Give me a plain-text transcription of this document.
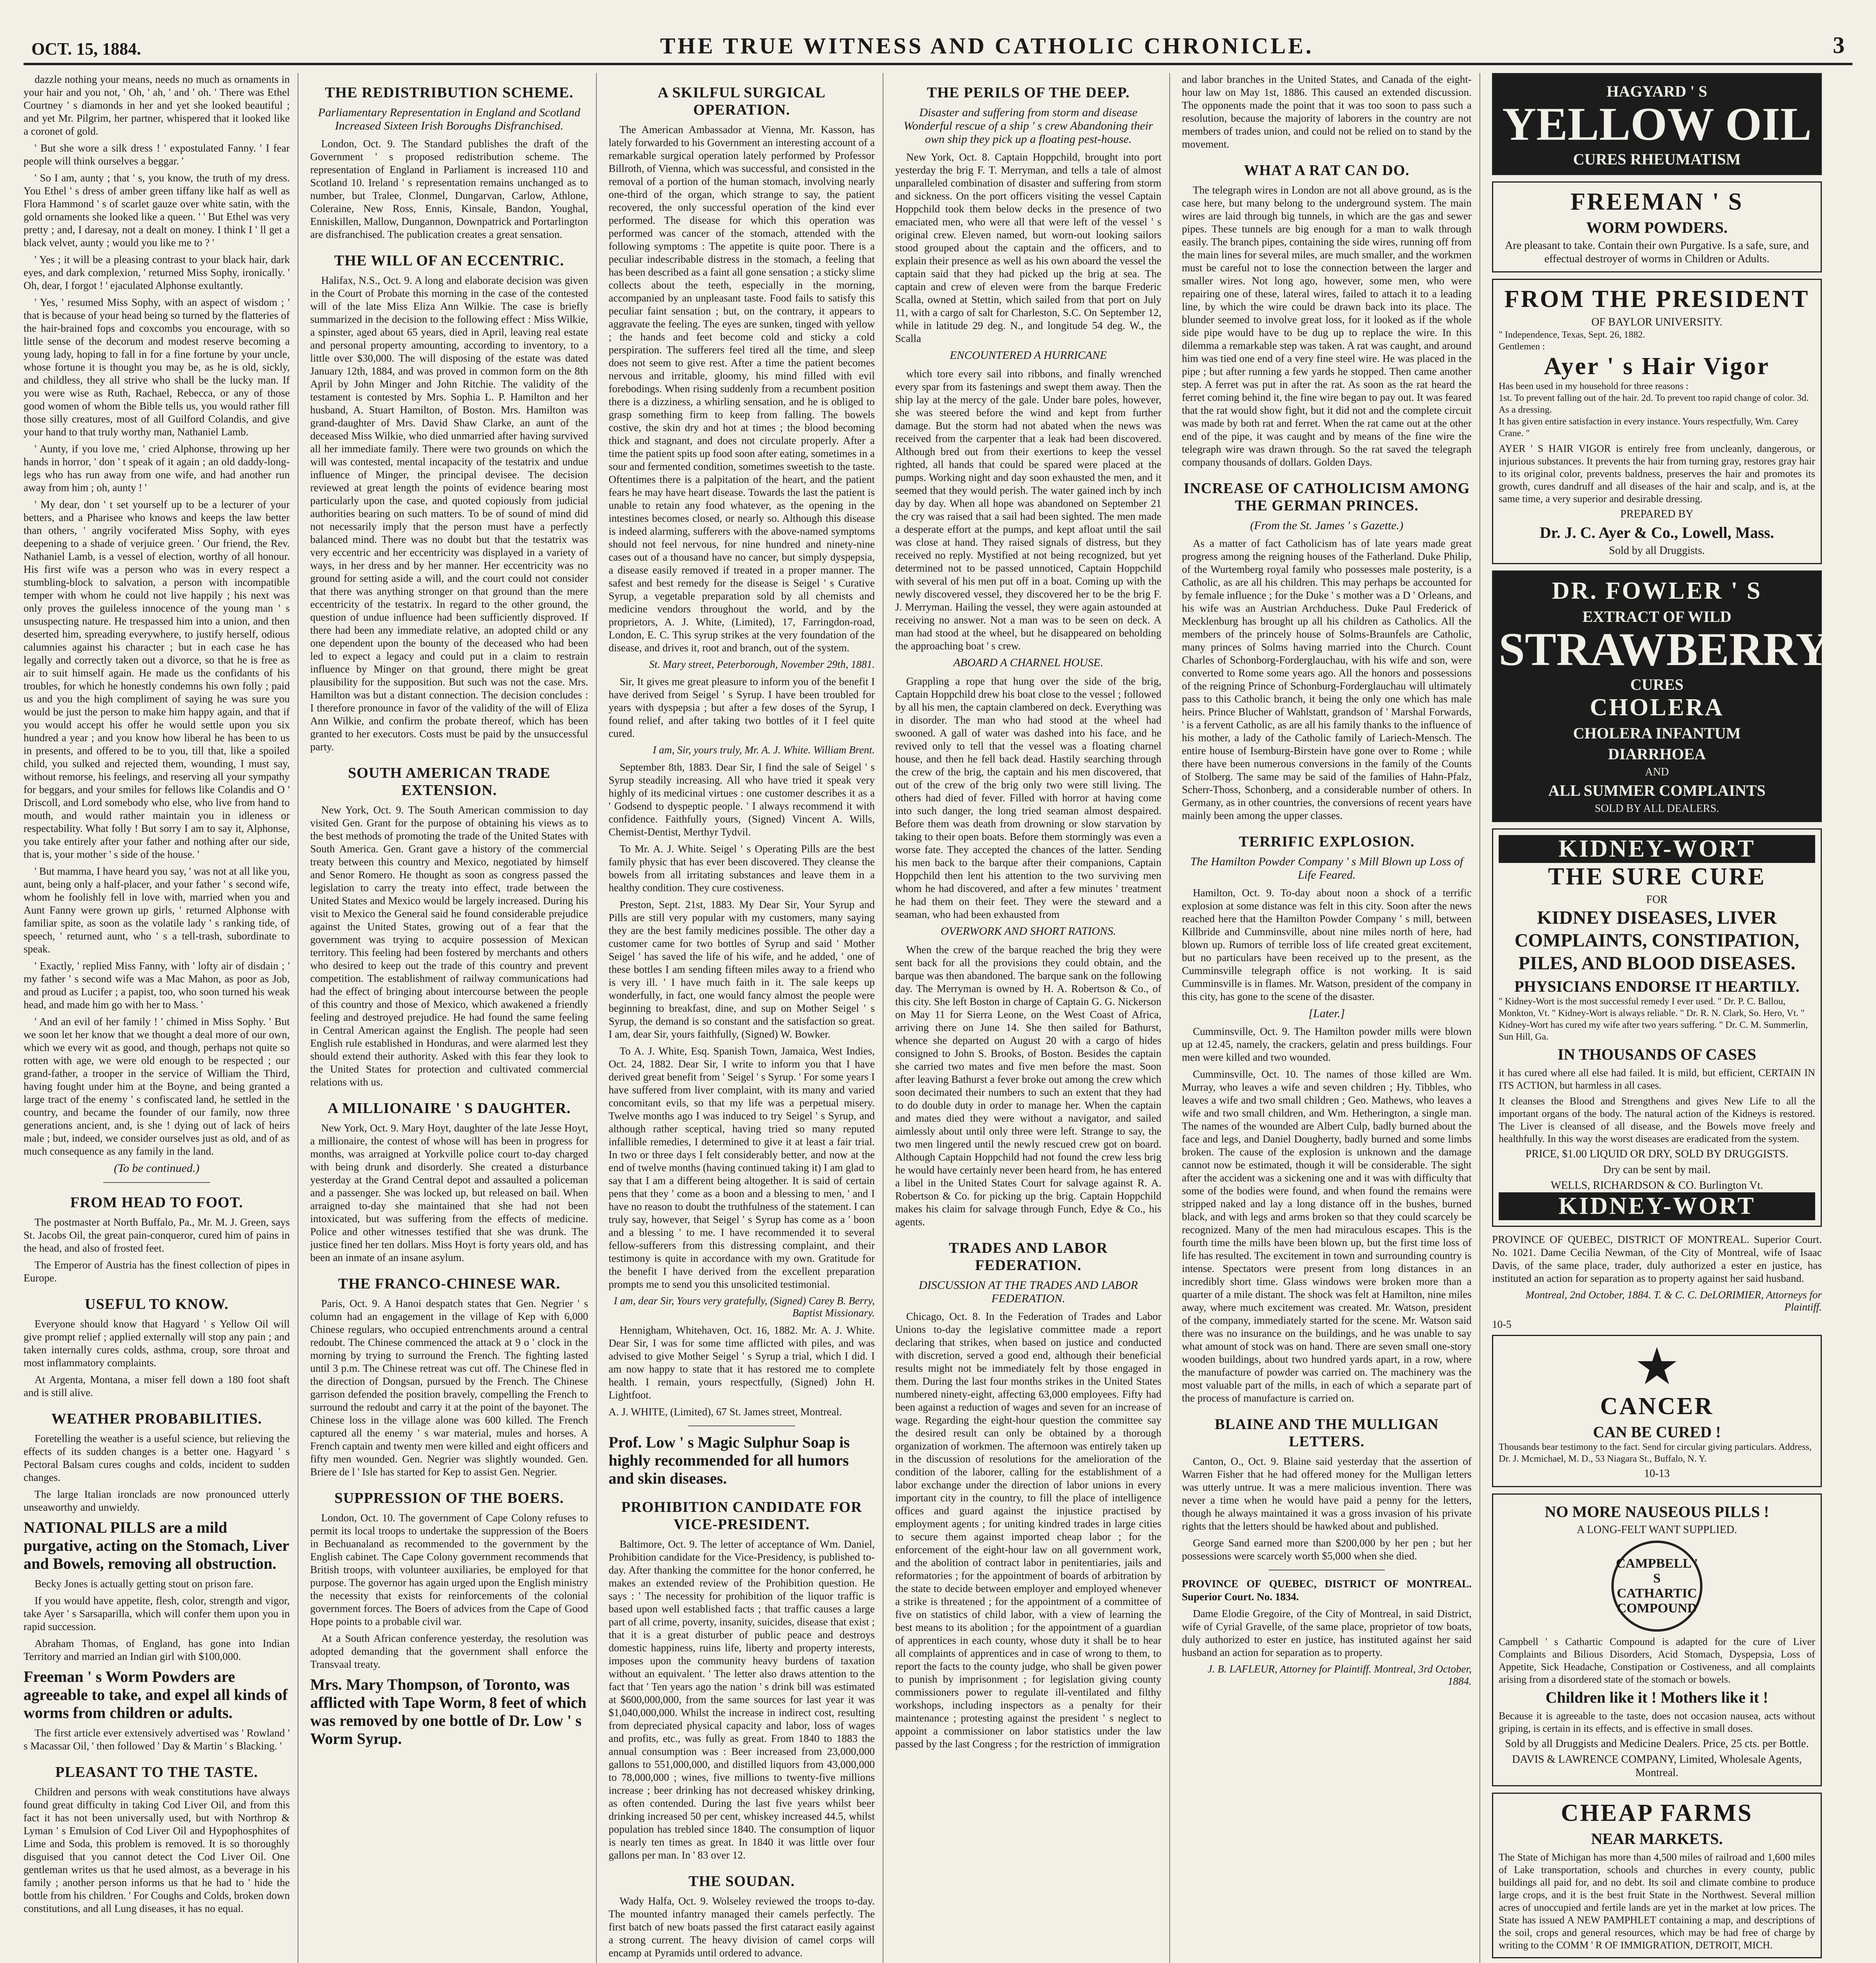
OCT. 15, 1884.	THE TRUE WITNESS AND CATHOLIC CHRONICLE.	3

dazzle nothing your means, needs no much as ornaments in your hair and you not, ' Oh, ' ah, ' and ' oh. ' There was Ethel Courtney ' s diamonds in her and yet she looked beautiful ; and yet Mr. Pilgrim, her partner, whispered that it looked like a coronet of gold.

' But she wore a silk dress ! ' expostulated Fanny. ' I fear people will think ourselves a beggar. '

' So I am, aunty ; that ' s, you know, the truth of my dress. You Ethel ' s dress of amber green tiffany like half as well as Flora Hammond ' s of scarlet gauze over white satin, with the gold ornaments she looked like a queen. ' ' But Ethel was very pretty ; and, I daresay, not a dealt on money. I think I ' ll get a black velvet, aunty ; would you like me to ? '

' Yes ; it will be a pleasing contrast to your black hair, dark eyes, and dark complexion, ' returned Miss Sophy, ironically. ' Oh, dear, I forgot ! ' ejaculated Alphonse exultantly.

' Yes, ' resumed Miss Sophy, with an aspect of wisdom ; ' that is because of your head being so turned by the flatteries of the hair-brained fops and coxcombs you encourage, with so little sense of the decorum and modest reserve becoming a young lady, hoping to fall in for a fine fortune by your uncle, whose fortune it is thought you may be, as he is old, sickly, and childless, they all strive who shall be the lucky man. If you were wise as Ruth, Rachael, Rebecca, or any of those good women of whom the Bible tells us, you would rather fill those silly creatures, most of all Guilford Colandis, and give your hand to that truly worthy man, Nathaniel Lamb.

' Aunty, if you love me, ' cried Alphonse, throwing up her hands in horror, ' don ' t speak of it again ; an old daddy-long-legs who has run away from one wife, and had another run away from him ; oh, aunty ! '

' My dear, don ' t set yourself up to be a lecturer of your betters, and a Pharisee who knows and keeps the law better than others, ' angrily vociferated Miss Sophy, with eyes deepening to a shade of verjuice green. ' Our friend, the Rev. Nathaniel Lamb, is a vessel of election, worthy of all honour. His first wife was a person who was in every respect a stumbling-block to salvation, a person with incompatible temper with whom he could not live happily ; his next was only proves the guileless innocence of the young man ' s unsuspecting nature. He trespassed him into a union, and then deserted him, spreading everywhere, to justify herself, odious calumnies against his character ; but in each case he has legally and correctly taken out a divorce, so that he is free as air to suit himself again. He made us the confidants of his troubles, for which he honestly condemns his own folly ; paid us and you the high compliment of saying he was sure you would be just the person to make him happy again, and that if you would accept his offer he would settle upon you six hundred a year ; and you know how liberal he has been to us in presents, and offered to be to you, till that, like a spoiled child, you sulked and rejected them, wounding, I must say, without remorse, his feelings, and reserving all your sympathy for beggars, and your smiles for fellows like Colandis and O ' Driscoll, and Lord somebody who else, who live from hand to mouth, and would rather maintain you in idleness or respectability. What folly ! But sorry I am to say it, Alphonse, you take entirely after your father and nothing after our side, that is, your mother ' s side of the house. '

' But mamma, I have heard you say, ' was not at all like you, aunt, being only a half-placer, and your father ' s second wife, whom he foolishly fell in love with, married when you and Aunt Fanny were grown up girls, ' returned Alphonse with familiar spite, as soon as the volatile lady ' s ranking tide, of speech, ' returned aunt, who ' s a tell-trash, subordinate to speak.

' Exactly, ' replied Miss Fanny, with ' lofty air of disdain ; ' my father ' s second wife was a Mac Mahon, as poor as Job, and proud as Lucifer ; a papist, too, who soon turned his weak head, and made him go with her to Mass. '

' And an evil of her family ! ' chimed in Miss Sophy. ' But we soon let her know that we thought a deal more of our own, which we every wit as good, and though, perhaps not quite so rotten with age, we were old enough to be respected ; our grand-father, a trooper in the service of William the Third, having fought under him at the Boyne, and being granted a large tract of the enemy ' s confiscated land, he settled in the country, and became the founder of our family, now three generations ancient, and, is she ! dying out of lack of heirs male ; but, indeed, we consider ourselves just as old, and of as much consequence as any family in the land.

(To be continued.)
FROM HEAD TO FOOT.

The postmaster at North Buffalo, Pa., Mr. M. J. Green, says St. Jacobs Oil, the great pain-conqueror, cured him of pains in the head, and also of frosted feet.

The Emperor of Austria has the finest collection of pipes in Europe.

USEFUL TO KNOW.

Everyone should know that Hagyard ' s Yellow Oil will give prompt relief ; applied externally will stop any pain ; and taken internally cures colds, asthma, croup, sore throat and most inflammatory complaints.

At Argenta, Montana, a miser fell down a 180 foot shaft and is still alive.

WEATHER PROBABILITIES.

Foretelling the weather is a useful science, but relieving the effects of its sudden changes is a better one. Hagyard ' s Pectoral Balsam cures coughs and colds, incident to sudden changes.

The large Italian ironclads are now pronounced utterly unseaworthy and unwieldy.

NATIONAL PILLS are a mild purgative, acting on the Stomach, Liver and Bowels, removing all obstruction.

Becky Jones is actually getting stout on prison fare.

If you would have appetite, flesh, color, strength and vigor, take Ayer ' s Sarsaparilla, which will confer them upon you in rapid succession.

Abraham Thomas, of England, has gone into Indian Territory and married an Indian girl with $100,000.

Freeman ' s Worm Powders are agreeable to take, and expel all kinds of worms from children or adults.

The first article ever extensively advertised was ' Rowland ' s Macassar Oil, ' then followed ' Day & Martin ' s Blacking. '

PLEASANT TO THE TASTE.

Children and persons with weak constitutions have always found great difficulty in taking Cod Liver Oil, and from this fact it has not been universally used, but with Northrop & Lyman ' s Emulsion of Cod Liver Oil and Hypophosphites of Lime and Soda, this problem is removed. It is so thoroughly disguised that you cannot detect the Cod Liver Oil. One gentleman writes us that he used almost, as a beverage in his family ; another person informs us that he had to ' hide the bottle from his children. ' For Coughs and Colds, broken down constitutions, and all Lung diseases, it has no equal.

THE REDISTRIBUTION SCHEME.
Parliamentary Representation in England and Scotland Increased Sixteen Irish Boroughs Disfranchised.

London, Oct. 9. The Standard publishes the draft of the Government ' s proposed redistribution scheme. The representation of England in Parliament is increased 110 and Scotland 10. Ireland ' s representation remains unchanged as to number, but Tralee, Clonmel, Dungarvan, Carlow, Athlone, Coleraine, New Ross, Ennis, Kinsale, Bandon, Youghal, Enniskillen, Mallow, Dungannon, Downpatrick and Portarlington are disfranchised. The publication creates a great sensation.

THE WILL OF AN ECCENTRIC.

Halifax, N.S., Oct. 9. A long and elaborate decision was given in the Court of Probate this morning in the case of the contested will of the late Miss Eliza Ann Wilkie. The case is briefly summarized in the decision to the following effect : Miss Wilkie, a spinster, aged about 65 years, died in April, leaving real estate and personal property amounting, according to inventory, to a little over $30,000. The will disposing of the estate was dated January 12th, 1884, and was proved in common form on the 8th April by John Minger and John Ritchie. The validity of the testament is contested by Mrs. Sophia L. P. Hamilton and her husband, A. Stuart Hamilton, of Boston. Mrs. Hamilton was grand-daughter of Mrs. David Shaw Clarke, an aunt of the deceased Miss Wilkie, who died unmarried after having survived all her immediate family. There were two grounds on which the will was contested, mental incapacity of the testatrix and undue influence of Minger, the principal devisee. The decision reviewed at great length the points of evidence bearing most particularly upon the case, and quoted copiously from judicial authorities bearing on such matters. To be of sound of mind did not necessarily imply that the person must have a perfectly balanced mind. There was no doubt but that the testatrix was very eccentric and her eccentricity was displayed in a variety of ways, in her dress and by her manner. Her eccentricity was no ground for setting aside a will, and the court could not consider that there was anything stronger on that ground than the mere eccentricity of the testatrix. In regard to the other ground, the question of undue influence had been sufficiently disproved. If there had been any immediate relative, an adopted child or any one dependent upon the bounty of the deceased who had been led to expect a legacy and could put in a claim to restrain influence by Minger on that ground, there might be great plausibility for the supposition. But such was not the case. Mrs. Hamilton was but a distant connection. The decision concludes : I therefore pronounce in favor of the validity of the will of Eliza Ann Wilkie, and confirm the probate thereof, which has been granted to her executors. Costs must be paid by the unsuccessful party.

SOUTH AMERICAN TRADE EXTENSION.

New York, Oct. 9. The South American commission to day visited Gen. Grant for the purpose of obtaining his views as to the best methods of promoting the trade of the United States with South America. Gen. Grant gave a history of the commercial treaty between this country and Mexico, negotiated by himself and Senor Romero. He thought as soon as congress passed the legislation to carry the treaty into effect, trade between the United States and Mexico would be largely increased. During his visit to Mexico the General said he found considerable prejudice against the United States, growing out of a fear that the government was trying to acquire possession of Mexican territory. This feeling had been fostered by merchants and others who desired to keep out the trade of this country and prevent competition. The establishment of railway communications had had the effect of bringing about intercourse between the people of this country and those of Mexico, which awakened a friendly feeling and destroyed prejudice. He had found the same feeling in Central American against the English. The people had seen English rule established in Honduras, and were alarmed lest they should extend their authority. Asked with this fear they look to the United States for protection and cultivated commercial relations with us.

A MILLIONAIRE ' S DAUGHTER.

New York, Oct. 9. Mary Hoyt, daughter of the late Jesse Hoyt, a millionaire, the contest of whose will has been in progress for months, was arraigned at Yorkville police court to-day charged with being drunk and disorderly. She created a disturbance yesterday at the Grand Central depot and assaulted a policeman and a passenger. She was locked up, but released on bail. When arraigned to-day she maintained that she had not been intoxicated, but was suffering from the effects of medicine. Police and other witnesses testified that she was drunk. The justice fined her ten dollars. Miss Hoyt is forty years old, and has been an inmate of an insane asylum.

THE FRANCO-CHINESE WAR.

Paris, Oct. 9. A Hanoi despatch states that Gen. Negrier ' s column had an engagement in the village of Kep with 6,000 Chinese regulars, who occupied entrenchments around a central redoubt. The Chinese commenced the attack at 9 o ' clock in the morning by trying to surround the French. The fighting lasted until 3 p.m. The Chinese retreat was cut off. The Chinese fled in the direction of Dongsan, pursued by the French. The Chinese garrison defended the position bravely, compelling the French to surround the redoubt and carry it at the point of the bayonet. The Chinese loss in the village alone was 600 killed. The French captured all the enemy ' s war material, mules and horses. A French captain and twenty men were killed and eight officers and fifty men wounded. Gen. Negrier was slightly wounded. Gen. Briere de l ' Isle has started for Kep to assist Gen. Negrier.

SUPPRESSION OF THE BOERS.

London, Oct. 10. The government of Cape Colony refuses to permit its local troops to undertake the suppression of the Boers in Bechuanaland as recommended to the government by the English cabinet. The Cape Colony government recommends that British troops, with volunteer auxiliaries, be employed for that purpose. The governor has again urged upon the English ministry the necessity that exists for reinforcements of the colonial government forces. The Boers of advices from the Cape of Good Hope points to a probable civil war.

At a South African conference yesterday, the resolution was adopted demanding that the government shall enforce the Transvaal treaty.

Mrs. Mary Thompson, of Toronto, was afflicted with Tape Worm, 8 feet of which was removed by one bottle of Dr. Low ' s Worm Syrup.
A SKILFUL SURGICAL OPERATION.

The American Ambassador at Vienna, Mr. Kasson, has lately forwarded to his Government an interesting account of a remarkable surgical operation lately performed by Professor Billroth, of Vienna, which was successful, and consisted in the removal of a portion of the human stomach, involving nearly one-third of the organ, which strange to say, the patient recovered, the only successful operation of the kind ever performed. The disease for which this operation was performed was cancer of the stomach, attended with the following symptoms : The appetite is quite poor. There is a peculiar indescribable distress in the stomach, a feeling that has been described as a faint all gone sensation ; a sticky slime collects about the teeth, especially in the morning, accompanied by an unpleasant taste. Food fails to satisfy this peculiar faint sensation ; but, on the contrary, it appears to aggravate the feeling. The eyes are sunken, tinged with yellow ; the hands and feet become cold and sticky a cold perspiration. The sufferers feel tired all the time, and sleep does not seem to give rest. After a time the patient becomes nervous and irritable, gloomy, his mind filled with evil forebodings. When rising suddenly from a recumbent position there is a dizziness, a whirling sensation, and he is obliged to grasp something firm to keep from falling. The bowels costive, the skin dry and hot at times ; the blood becoming thick and stagnant, and does not circulate properly. After a time the patient spits up food soon after eating, sometimes in a sour and fermented condition, sometimes sweetish to the taste. Oftentimes there is a palpitation of the heart, and the patient fears he may have heart disease. Towards the last the patient is unable to retain any food whatever, as the opening in the intestines becomes closed, or nearly so. Although this disease is indeed alarming, sufferers with the above-named symptoms should not feel nervous, for nine hundred and ninety-nine cases out of a thousand have no cancer, but simply dyspepsia, a disease easily removed if treated in a proper manner. The safest and best remedy for the disease is Seigel ' s Curative Syrup, a vegetable preparation sold by all chemists and medicine vendors throughout the world, and by the proprietors, A. J. White, (Limited), 17, Farringdon-road, London, E. C. This syrup strikes at the very foundation of the disease, and drives it, root and branch, out of the system.

St. Mary street, Peterborough, November 29th, 1881.

Sir, It gives me great pleasure to inform you of the benefit I have derived from Seigel ' s Syrup. I have been troubled for years with dyspepsia ; but after a few doses of the Syrup, I found relief, and after taking two bottles of it I feel quite cured.

I am, Sir, yours truly, Mr. A. J. White. William Brent.

September 8th, 1883. Dear Sir, I find the sale of Seigel ' s Syrup steadily increasing. All who have tried it speak very highly of its medicinal virtues : one customer describes it as a ' Godsend to dyspeptic people. ' I always recommend it with confidence. Faithfully yours, (Signed) Vincent A. Wills, Chemist-Dentist, Merthyr Tydvil.

To Mr. A. J. White. Seigel ' s Operating Pills are the best family physic that has ever been discovered. They cleanse the bowels from all irritating substances and leave them in a healthy condition. They cure costiveness.

Preston, Sept. 21st, 1883. My Dear Sir, Your Syrup and Pills are still very popular with my customers, many saying they are the best family medicines possible. The other day a customer came for two bottles of Syrup and said ' Mother Seigel ' has saved the life of his wife, and he added, ' one of these bottles I am sending fifteen miles away to a friend who is very ill. ' I have much faith in it. The sale keeps up wonderfully, in fact, one would fancy almost the people were beginning to breakfast, dine, and sup on Mother Seigel ' s Syrup, the demand is so constant and the satisfaction so great. I am, dear Sir, yours faithfully, (Signed) W. Bowker.

To A. J. White, Esq. Spanish Town, Jamaica, West Indies, Oct. 24, 1882. Dear Sir, I write to inform you that I have derived great benefit from ' Seigel ' s Syrup. ' For some years I have suffered from liver complaint, with its many and varied concomitant evils, so that my life was a perpetual misery. Twelve months ago I was induced to try Seigel ' s Syrup, and although rather sceptical, having tried so many reputed infallible remedies, I determined to give it at least a fair trial. In two or three days I felt considerably better, and now at the end of twelve months (having continued taking it) I am glad to say that I am a different being altogether. It is said of certain pens that they ' come as a boon and a blessing to men, ' and I have no reason to doubt the truthfulness of the statement. I can truly say, however, that Seigel ' s Syrup has come as a ' boon and a blessing ' to me. I have recommended it to several fellow-sufferers from this distressing complaint, and their testimony is quite in accordance with my own. Gratitude for the benefit I have derived from the excellent preparation prompts me to send you this unsolicited testimonial.

I am, dear Sir, Yours very gratefully, (Signed) Carey B. Berry, Baptist Missionary.

Hennigham, Whitehaven, Oct. 16, 1882. Mr. A. J. White. Dear Sir, I was for some time afflicted with piles, and was advised to give Mother Seigel ' s Syrup a trial, which I did. I am now happy to state that it has restored me to complete health. I remain, yours respectfully, (Signed) John H. Lightfoot.

A. J. WHITE, (Limited), 67 St. James street, Montreal.

Prof. Low ' s Magic Sulphur Soap is highly recommended for all humors and skin diseases.
PROHIBITION CANDIDATE FOR VICE-PRESIDENT.

Baltimore, Oct. 9. The letter of acceptance of Wm. Daniel, Prohibition candidate for the Vice-Presidency, is published to-day. After thanking the committee for the honor conferred, he makes an extended review of the Prohibition question. He says : ' The necessity for prohibition of the liquor traffic is based upon well established facts ; that traffic causes a large part of all crime, poverty, insanity, suicides, disease that exist ; that it is a great disturber of public peace and destroys domestic happiness, ruins life, liberty and property interests, imposes upon the community heavy burdens of taxation without an equivalent. ' The letter also draws attention to the fact that ' Ten years ago the nation ' s drink bill was estimated at $600,000,000, from the same sources for last year it was $1,040,000,000. Whilst the increase in indirect cost, resulting from depreciated physical capacity and labor, loss of wages and profits, etc., was fully as great. From 1840 to 1883 the annual consumption was : Beer increased from 23,000,000 gallons to 551,000,000, and distilled liquors from 43,000,000 to 78,000,000 ; wines, five millions to twenty-five millions increase ; beer drinking has not decreased whiskey drinking, as often contended. During the last five years whilst beer drinking increased 50 per cent, whiskey increased 44.5, whilst population has trebled since 1840. The consumption of liquor is nearly ten times as great. In 1840 it was little over four gallons per man. In ' 83 over 12.

THE SOUDAN.

Wady Halfa, Oct. 9. Wolseley reviewed the troops to-day. The mounted infantry managed their camels perfectly. The first batch of new boats passed the first cataract easily against a strong current. The heavy division of camel corps will encamp at Pyramids until ordered to advance.

THE PERILS OF THE DEEP.
Disaster and suffering from storm and disease Wonderful rescue of a ship ' s crew Abandoning their own ship they pick up a floating pest-house.

New York, Oct. 8. Captain Hoppchild, brought into port yesterday the brig F. T. Merryman, and tells a tale of almost unparalleled combination of disaster and suffering from storm and sickness. On the port officers visiting the vessel Captain Hoppchild took them below decks in the presence of two emaciated men, who were all that were left of the vessel ' s original crew. Eleven named, but worn-out looking sailors stood grouped about the captain and the officers, and to explain their presence as well as his own aboard the vessel the captain said that they had picked up the brig at sea. The captain and crew of eleven were from the barque Frederic Scalla, owned at Stettin, which sailed from that port on July 11, with a cargo of salt for Charleston, S.C. On September 12, while in latitude 29 deg. N., and longitude 54 deg. W., the Scalla

ENCOUNTERED A HURRICANE

which tore every sail into ribbons, and finally wrenched every spar from its fastenings and swept them away. Then the ship lay at the mercy of the gale. Under bare poles, however, she was steered before the wind and kept from further damage. But the storm had not abated when the news was received from the carpenter that a leak had been discovered. Although bred out from their exertions to keep the vessel righted, all hands that could be spared were placed at the pumps. Working night and day soon exhausted the men, and it seemed that they would perish. The water gained inch by inch day by day. When all hope was abandoned on September 21 the cry was raised that a sail had been sighted. The men made a desperate effort at the pumps, and kept afloat until the sail was close at hand. They raised signals of distress, but they received no reply. Mystified at not being recognized, but yet determined not to be passed unnoticed, Captain Hoppchild with several of his men put off in a boat. Coming up with the newly discovered vessel, they discovered her to be the brig F. J. Merryman. Hailing the vessel, they were again astounded at receiving no answer. Not a man was to be seen on deck. A man had stood at the wheel, but he disappeared on beholding the approaching boat ' s crew.

ABOARD A CHARNEL HOUSE.

Grappling a rope that hung over the side of the brig, Captain Hoppchild drew his boat close to the vessel ; followed by all his men, the captain clambered on deck. Everything was in disorder. The man who had stood at the wheel had swooned. A gall of water was dashed into his face, and he revived only to tell that the vessel was a floating charnel house, and then he fell back dead. Hastily searching through the crew of the brig, the captain and his men discovered, that out of the crew of the brig only two were still living. The others had died of fever. Filled with horror at having come into such danger, the long tried seaman almost despaired. Before them was death from drowning or slow starvation by taking to their open boats. Before them stormingly was even a worse fate. They accepted the chances of the latter. Sending his men back to the barque after their companions, Captain Hoppchild then lent his attention to the two surviving men whom he had discovered, and after a few minutes ' treatment he had them on their feet. They were the steward and a seaman, who had been exhausted from

OVERWORK AND SHORT RATIONS.

When the crew of the barque reached the brig they were sent back for all the provisions they could obtain, and the barque was then abandoned. The barque sank on the following day. The Merryman is owned by H. A. Robertson & Co., of this city. She left Boston in charge of Captain G. G. Nickerson on May 11 for Sierra Leone, on the West Coast of Africa, arriving there on June 14. She then sailed for Bathurst, whence she departed on August 20 with a cargo of hides consigned to John S. Brooks, of Boston. Besides the captain she carried two mates and five men before the mast. Soon after leaving Bathurst a fever broke out among the crew which soon decimated their numbers to such an extent that they had to do double duty in order to manage her. When the captain and mates died they were without a navigator, and sailed aimlessly about until only three were left. Strange to say, the two men lingered until the newly rescued crew got on board. Although Captain Hoppchild had not found the crew less brig he would have certainly never been heard from, he has entered a libel in the United States Court for salvage against R. A. Robertson & Co. for picking up the brig. Captain Hoppchild makes his claim for salvage through Funch, Edye & Co., his agents.

TRADES AND LABOR FEDERATION.
DISCUSSION AT THE TRADES AND LABOR FEDERATION.

Chicago, Oct. 8. In the Federation of Trades and Labor Unions to-day the legislative committee made a report declaring that strikes, when based on justice and conducted with discretion, served a good end, although their beneficial results might not be immediately felt by those engaged in them. During the last four months strikes in the United States numbered ninety-eight, affecting 63,000 employees. Fifty had been against a reduction of wages and seven for an increase of wage. Regarding the eight-hour question the committee say the desired result can only be obtained by a thorough organization of workmen. The afternoon was entirely taken up in the discussion of resolutions for the amelioration of the condition of the laborer, calling for the establishment of a labor exchange under the direction of labor unions in every important city in the country, to fill the place of intelligence offices and guard against the injustice practised by employment agents ; for uniting kindred trades in large cities to secure them against imported cheap labor ; for the enforcement of the eight-hour law on all government work, and the abolition of contract labor in penitentiaries, jails and reformatories ; for the appointment of boards of arbitration by the state to decide between employer and employed whenever a strike is threatened ; for the appointment of a committee of five on statistics of child labor, with a view of learning the best means to its abolition ; for the appointment of a guardian of apprentices in each county, whose duty it shall be to hear all complaints of apprentices and in case of wrong to them, to report the facts to the county judge, who shall be given power to punish by imprisonment ; for legislation giving county commissioners power to regulate ill-ventilated and filthy workshops, including inspectors as a penalty for their maintenance ; protesting against the president ' s neglect to appoint a commissioner on labor statistics under the law passed by the last Congress ; for the restriction of immigration

and labor branches in the United States, and Canada of the eight-hour law on May 1st, 1886. This caused an extended discussion. The opponents made the point that it was too soon to pass such a resolution, because the majority of laborers in the country are not members of trades union, and could not be relied on to stand by the movement.

WHAT A RAT CAN DO.

The telegraph wires in London are not all above ground, as is the case here, but many belong to the underground system. The main wires are laid through big tunnels, in which are the gas and sewer pipes. These tunnels are big enough for a man to walk through easily. The branch pipes, containing the side wires, running off from the main lines for several miles, are much smaller, and the workmen must be careful not to lose the connection between the larger and smaller wires. Not long ago, however, some men, who were repairing one of these, lateral wires, failed to attach it to a leading line, by which the wire could be drawn back into its place. The blunder seemed to involve great loss, for it looked as if the whole side pipe would have to be dug up to replace the wire. In this dilemma a remarkable step was taken. A rat was caught, and around him was tied one end of a very fine steel wire. He was placed in the pipe ; but after running a few yards he stopped. Then came another step. A ferret was put in after the rat. As soon as the rat heard the ferret coming behind it, the fine wire began to pay out. It was feared that the rat would show fight, but it did not and the complete circuit was made by both rat and ferret. When the rat came out at the other end of the pipe, it was caught and by means of the fine wire the telegraph wire was drawn through. So the rat saved the telegraph company thousands of dollars. Golden Days.

INCREASE OF CATHOLICISM AMONG THE GERMAN PRINCES.
(From the St. James ' s Gazette.)

As a matter of fact Catholicism has of late years made great progress among the reigning houses of the Fatherland. Duke Philip, of the Wurtemberg royal family who possesses male posterity, is a Catholic, as are all his children. This may perhaps be accounted for by female influence ; for the Duke ' s mother was a D ' Orleans, and his wife was an Austrian Archduchess. Duke Paul Frederick of Mecklenburg has brought up all his children as Catholics. All the members of the princely house of Solms-Braunfels are Catholic, many princes of Solms having married into the Church. Count Charles of Schonborg-Forderglauchau, with his wife and son, were converted to Rome some years ago. All the honors and possessions of the reigning Prince of Schonburg-Forderglauchau will ultimately pass to this Catholic branch, it being the only one which has male heirs. Prince Blucher of Wahlstatt, grandson of ' Marshal Forwards, ' is a fervent Catholic, as are all his family thanks to the influence of his mother, a lady of the Catholic family of Lariech-Mensch. The entire house of Isemburg-Birstein have gone over to Rome ; while there have been numerous conversions in the family of the Counts of Stolberg. The same may be said of the families of Hahn-Pfalz, Scherr-Thoss, Schonberg, and a considerable number of others. In Germany, as in other countries, the conversions of recent years have mainly been among the upper classes.

TERRIFIC EXPLOSION.
The Hamilton Powder Company ' s Mill Blown up Loss of Life Feared.

Hamilton, Oct. 9. To-day about noon a shock of a terrific explosion at some distance was felt in this city. Soon after the news reached here that the Hamilton Powder Company ' s mill, between Killbride and Cumminsville, about nine miles north of here, had blown up. Rumors of terrible loss of life created great excitement, but no particulars have been received up to the present, as the Cumminsville telegraph office is not working. It is said Cumminsville is in flames. Mr. Watson, president of the company in this city, has gone to the scene of the disaster.

[Later.]

Cumminsville, Oct. 9. The Hamilton powder mills were blown up at 12.45, namely, the crackers, gelatin and press buildings. Four men were killed and two wounded.

Cumminsville, Oct. 10. The names of those killed are Wm. Murray, who leaves a wife and seven children ; Hy. Tibbles, who leaves a wife and two small children ; Geo. Mathews, who leaves a wife and two small children, and Wm. Hetherington, a single man. The names of the wounded are Albert Culp, badly burned about the face and legs, and Daniel Dougherty, badly burned and some limbs broken. The cause of the explosion is unknown and the damage cannot now be estimated, though it will be considerable. The sight after the accident was a sickening one and it was with difficulty that some of the bodies were found, and when found the remains were stripped naked and lay a long distance off in the bushes, burned black, and with legs and arms broken so that they could scarcely be recognized. Many of the men had miraculous escapes. This is the fourth time the mills have been blown up, but the first time loss of life has resulted. The excitement in town and surrounding country is intense. Spectators were present from long distances in an incredibly short time. Glass windows were broken more than a quarter of a mile distant. The shock was felt at Hamilton, nine miles away, where much excitement was created. Mr. Watson, president of the company, immediately started for the scene. Mr. Watson said there was no insurance on the buildings, and he was unable to say what amount of stock was on hand. There are seven small one-story wooden buildings, about two hundred yards apart, in a row, where the manufacture of powder was carried on. The machinery was the most valuable part of the mills, in each of which a separate part of the process of manufacture is carried on.

BLAINE AND THE MULLIGAN LETTERS.

Canton, O., Oct. 9. Blaine said yesterday that the assertion of Warren Fisher that he had offered money for the Mulligan letters was utterly untrue. It was a mere malicious invention. There was never a time when he would have paid a penny for the letters, though he always maintained it was a gross invasion of his private rights that the letters should be hawked about and published.

George Sand earned more than $200,000 by her pen ; but her possessions were scarcely worth $5,000 when she died.

PROVINCE OF QUEBEC, DISTRICT OF MONTREAL. Superior Court. No. 1834.

Dame Elodie Gregoire, of the City of Montreal, in said District, wife of Cyrial Gravelle, of the same place, proprietor of tow boats, duly authorized to ester en justice, has instituted against her said husband an action for separation as to property.

J. B. LAFLEUR, Attorney for Plaintiff. Montreal, 3rd October, 1884.
HAGYARD ' S
YELLOW OIL
CURES RHEUMATISM
FREEMAN ' S
WORM POWDERS.
Are pleasant to take. Contain their own Purgative. Is a safe, sure, and effectual destroyer of worms in Children or Adults.
FROM THE PRESIDENT
OF BAYLOR UNIVERSITY.
" Independence, Texas, Sept. 26, 1882.
Gentlemen :
Ayer ' s Hair Vigor
Has been used in my household for three reasons :
1st. To prevent falling out of the hair. 2d. To prevent too rapid change of color. 3d. As a dressing.
It has given entire satisfaction in every instance. Yours respectfully, Wm. Carey Crane. "
AYER ' S HAIR VIGOR is entirely free from uncleanly, dangerous, or injurious substances. It prevents the hair from turning gray, restores gray hair to its original color, prevents baldness, preserves the hair and promotes its growth, cures dandruff and all diseases of the hair and scalp, and is, at the same time, a very superior and desirable dressing.
PREPARED BY
Dr. J. C. Ayer & Co., Lowell, Mass.
Sold by all Druggists.
DR. FOWLER ' S
EXTRACT OF WILD
STRAWBERRY
CURES
CHOLERA
CHOLERA INFANTUM
DIARRHOEA
AND
ALL SUMMER COMPLAINTS
SOLD BY ALL DEALERS.
KIDNEY-WORT
THE SURE CURE
FOR
KIDNEY DISEASES, LIVER COMPLAINTS, CONSTIPATION, PILES, AND BLOOD DISEASES.
PHYSICIANS ENDORSE IT HEARTILY.
" Kidney-Wort is the most successful remedy I ever used. " Dr. P. C. Ballou, Monkton, Vt. " Kidney-Wort is always reliable. " Dr. R. N. Clark, So. Hero, Vt. " Kidney-Wort has cured my wife after two years suffering. " Dr. C. M. Summerlin, Sun Hill, Ga.
IN THOUSANDS OF CASES
it has cured where all else had failed. It is mild, but efficient, CERTAIN IN ITS ACTION, but harmless in all cases.
It cleanses the Blood and Strengthens and gives New Life to all the important organs of the body. The natural action of the Kidneys is restored. The Liver is cleansed of all disease, and the Bowels move freely and healthfully. In this way the worst diseases are eradicated from the system.
PRICE, $1.00 LIQUID OR DRY, SOLD BY DRUGGISTS.
Dry can be sent by mail.
WELLS, RICHARDSON & CO. Burlington Vt.
KIDNEY-WORT

PROVINCE OF QUEBEC, DISTRICT OF MONTREAL. Superior Court. No. 1021. Dame Cecilia Newman, of the City of Montreal, wife of Isaac Davis, of the same place, trader, duly authorized a ester en justice, has instituted an action for separation as to property against her said husband.

Montreal, 2nd October, 1884. T. & C. C. DeLORIMIER, Attorneys for Plaintiff.

10-5

★
CANCER
CAN BE CURED !
Thousands bear testimony to the fact. Send for circular giving particulars. Address, Dr. J. Mcmichael, M. D., 53 Niagara St., Buffalo, N. Y.
10-13
NO MORE NAUSEOUS PILLS !
A LONG-FELT WANT SUPPLIED.
CAMPBELL ' S CATHARTIC COMPOUND
Campbell ' s Cathartic Compound is adapted for the cure of Liver Complaints and Bilious Disorders, Acid Stomach, Dyspepsia, Loss of Appetite, Sick Headache, Constipation or Costiveness, and all complaints arising from a disordered state of the stomach or bowels.
Children like it ! Mothers like it !
Because it is agreeable to the taste, does not occasion nausea, acts without griping, is certain in its effects, and is effective in small doses.
Sold by all Druggists and Medicine Dealers. Price, 25 cts. per Bottle.
DAVIS & LAWRENCE COMPANY, Limited, Wholesale Agents, Montreal.
CHEAP FARMS
NEAR MARKETS.
The State of Michigan has more than 4,500 miles of railroad and 1,600 miles of Lake transportation, schools and churches in every county, public buildings all paid for, and no debt. Its soil and climate combine to produce large crops, and it is the best fruit State in the Northwest. Several million acres of unoccupied and fertile lands are yet in the market at low prices. The State has issued A NEW PAMPHLET containing a map, and descriptions of the soil, crops and general resources, which may be had free of charge by writing to the COMM ' R OF IMMIGRATION, DETROIT, MICH.
